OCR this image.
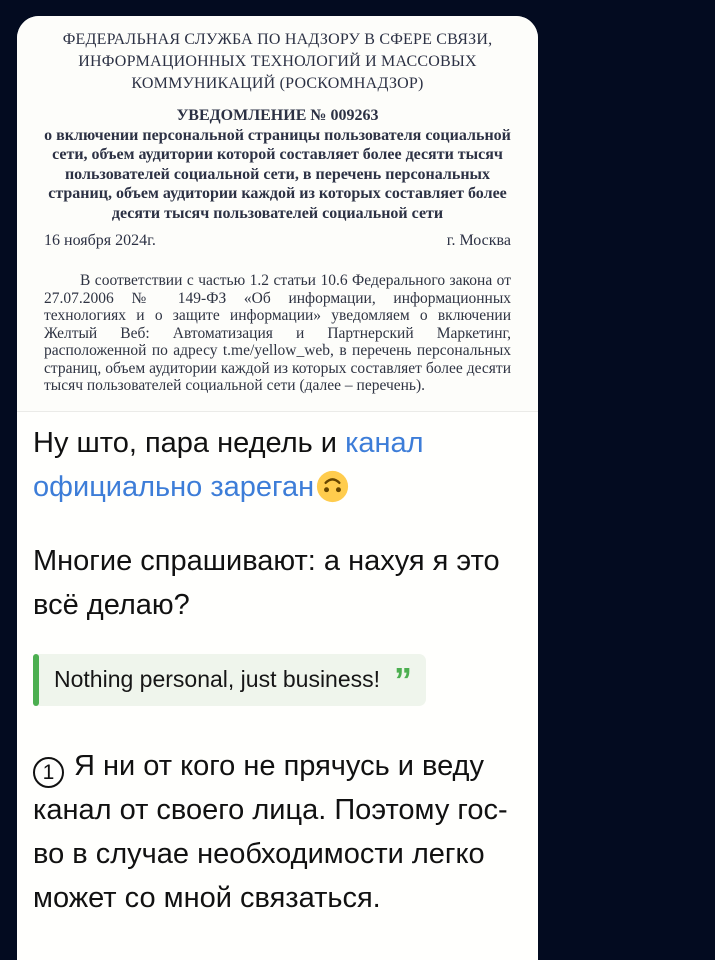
ФЕДЕРАЛЬНАЯ СЛУЖБА ПО НАДЗОРУ В СФЕРЕ СВЯЗИ,
ИНФОРМАЦИОННЫХ ТЕХНОЛОГИЙ И МАССОВЫХ
КОММУНИКАЦИЙ (РОСКОМНАДЗОР)
УВЕДОМЛЕНИЕ № 009263
о включении персональной страницы пользователя социальной сети, объем аудитории которой составляет более десяти тысяч пользователей социальной сети, в перечень персональных страниц, объем аудитории каждой из которых составляет более десяти тысяч пользователей социальной сети
16 ноября 2024г.	г. Москва

В соответствии с частью 1.2 статьи 10.6 Федерального закона от 27.07.2006 № 149-ФЗ «Об информации, информационных технологиях и о защите информации» уведомляем о включении Желтый Веб: Автоматизация и Партнерский Маркетинг, расположенной по адресу t.me/yellow_web, в перечень персональных страниц, объем аудитории каждой из которых составляет более десяти тысяч пользователей социальной сети (далее – перечень).

Ну што, пара недель и канал официально зареган

Многие спрашивают: а нахуя я это всё делаю?

Nothing personal, just business! ”

1 Я ни от кого не прячусь и веду канал от своего лица. Поэтому гос-во в случае необходимости легко может со мной связаться.
